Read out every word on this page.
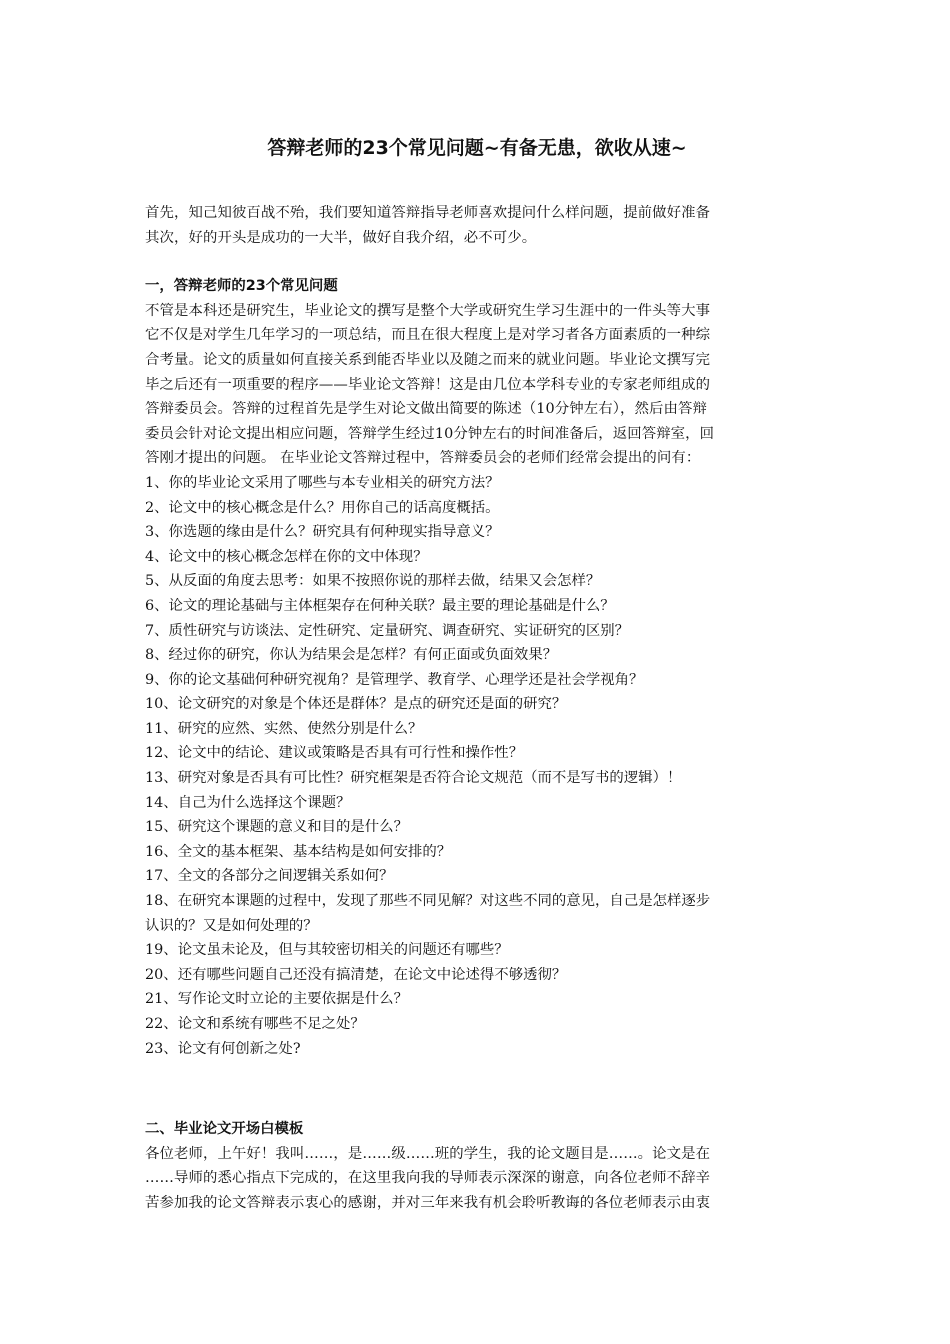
答辩老师的23个常见问题~有备无患，欲收从速~
首先，知己知彼百战不殆，我们要知道答辩指导老师喜欢提问什么样问题，提前做好准备
其次，好的开头是成功的一大半，做好自我介绍，必不可少。
一，答辩老师的23个常见问题
不管是本科还是研究生，毕业论文的撰写是整个大学或研究生学习生涯中的一件头等大事
它不仅是对学生几年学习的一项总结，而且在很大程度上是对学习者各方面素质的一种综
合考量。论文的质量如何直接关系到能否毕业以及随之而来的就业问题。毕业论文撰写完
毕之后还有一项重要的程序——毕业论文答辩！这是由几位本学科专业的专家老师组成的
答辩委员会。答辩的过程首先是学生对论文做出简要的陈述（10分钟左右），然后由答辩
委员会针对论文提出相应问题，答辩学生经过10分钟左右的时间准备后，返回答辩室，回
答刚才提出的问题。 在毕业论文答辩过程中，答辩委员会的老师们经常会提出的问有：
1、你的毕业论文采用了哪些与本专业相关的研究方法？
2、论文中的核心概念是什么？用你自己的话高度概括。
3、你选题的缘由是什么？研究具有何种现实指导意义？
4、论文中的核心概念怎样在你的文中体现？
5、从反面的角度去思考：如果不按照你说的那样去做，结果又会怎样？
6、论文的理论基础与主体框架存在何种关联？最主要的理论基础是什么？
7、质性研究与访谈法、定性研究、定量研究、调查研究、实证研究的区别？
8、经过你的研究，你认为结果会是怎样？有何正面或负面效果？
9、你的论文基础何种研究视角？是管理学、教育学、心理学还是社会学视角？
10、论文研究的对象是个体还是群体？是点的研究还是面的研究？
11、研究的应然、实然、使然分别是什么？
12、论文中的结论、建议或策略是否具有可行性和操作性？
13、研究对象是否具有可比性？研究框架是否符合论文规范（而不是写书的逻辑）！
14、自己为什么选择这个课题？
15、研究这个课题的意义和目的是什么？
16、全文的基本框架、基本结构是如何安排的？
17、全文的各部分之间逻辑关系如何？
18、在研究本课题的过程中，发现了那些不同见解？对这些不同的意见，自己是怎样逐步
认识的？又是如何处理的？
19、论文虽未论及，但与其较密切相关的问题还有哪些？
20、还有哪些问题自己还没有搞清楚，在论文中论述得不够透彻？
21、写作论文时立论的主要依据是什么？
22、论文和系统有哪些不足之处？
23、论文有何创新之处?
二、毕业论文开场白模板
各位老师，上午好！我叫……，是……级……班的学生，我的论文题目是……。论文是在
……导师的悉心指点下完成的，在这里我向我的导师表示深深的谢意，向各位老师不辞辛
苦参加我的论文答辩表示衷心的感谢，并对三年来我有机会聆听教诲的各位老师表示由衷
